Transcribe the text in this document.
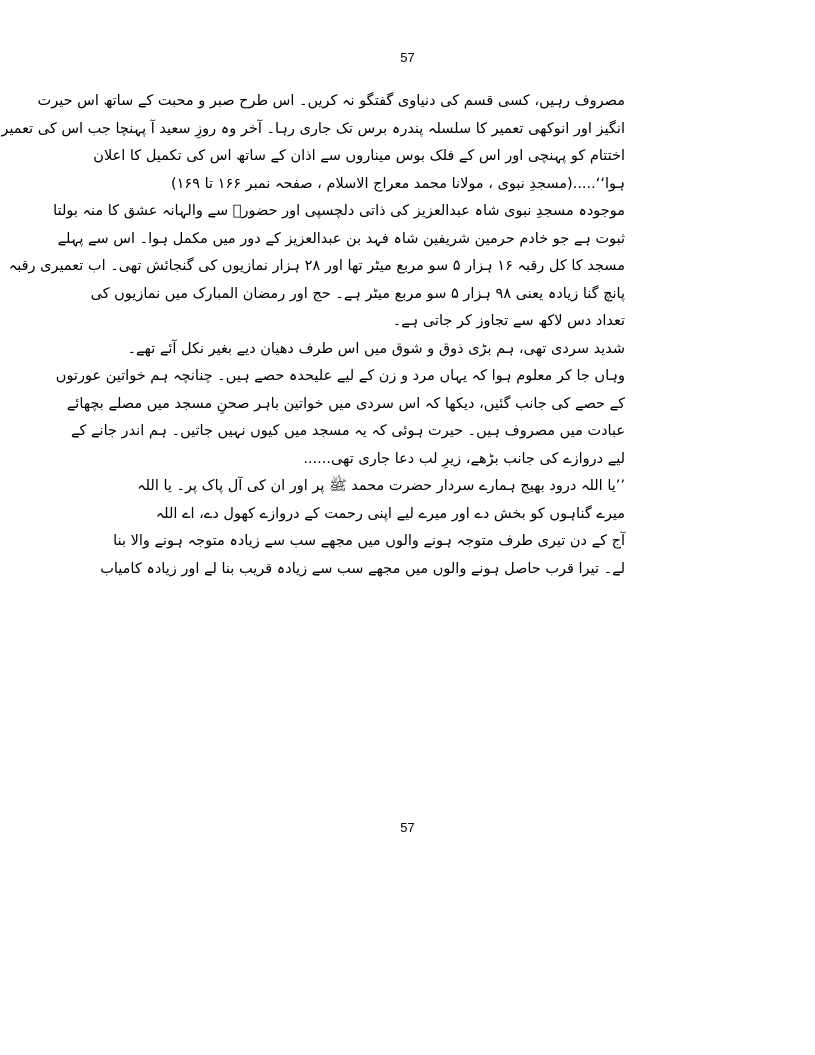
57
مصروف رہیں، کسی قسم کی دنیاوی گفتگو نہ کریں۔ اس طرح صبر و محبت کے ساتھ اس حیرت
انگیز اور انوکھی تعمیر کا سلسلہ پندرہ برس تک جاری رہا۔ آخر وہ روزِ سعید آ پہنچا جب اس کی تعمیر
اختتام کو پہنچی اور اس کے فلک بوس میناروں سے اذان کے ساتھ اس کی تکمیل کا اعلان
ہوا‘‘.....(مسجدِ نبوی ، مولانا محمد معراج الاسلام ، صفحہ نمبر ۱۶۶ تا ۱۶۹)
موجودہ مسجدِ نبوی شاہ عبدالعزیز کی ذاتی دلچسپی اور حضورؐ سے والہانہ عشق کا منہ بولتا
ثبوت ہے جو خادم حرمین شریفین شاہ فہد بن عبدالعزیز کے دور میں مکمل ہوا۔ اس سے پہلے
مسجد کا کل رقبہ ۱۶ ہزار ۵ سو مربع میٹر تھا اور ۲۸ ہزار نمازیوں کی گنجائش تھی۔ اب تعمیری رقبہ
پانچ گنا زیادہ یعنی ۹۸ ہزار ۵ سو مربع میٹر ہے۔ حج اور رمضان المبارک میں نمازیوں کی
تعداد دس لاکھ سے تجاوز کر جاتی ہے۔
شدید سردی تھی، ہم بڑی ذوق و شوق میں اس طرف دھیان دیے بغیر نکل آئے تھے۔
وہاں جا کر معلوم ہوا کہ یہاں مرد و زن کے لیے علیحدہ حصے ہیں۔ چنانچہ ہم خواتین عورتوں
کے حصے کی جانب گئیں، دیکھا کہ اس سردی میں خواتین باہر صحنِ مسجد میں مصلے بچھائے
عبادت میں مصروف ہیں۔ حیرت ہوئی کہ یہ مسجد میں کیوں نہیں جاتیں۔ ہم اندر جانے کے
لیے دروازے کی جانب بڑھے، زیرِ لب دعا جاری تھی......
’’یا اللہ درود بھیج ہمارے سردار حضرت محمد ﷺ پر اور ان کی آل پاک پر۔ یا اللہ
میرے گناہوں کو بخش دے اور میرے لیے اپنی رحمت کے دروازے کھول دے، اے اللہ
آج کے دن تیری طرف متوجہ ہونے والوں میں مجھے سب سے زیادہ متوجہ ہونے والا بنا
لے۔ تیرا قرب حاصل ہونے والوں میں مجھے سب سے زیادہ قریب بنا لے اور زیادہ کامیاب
57
